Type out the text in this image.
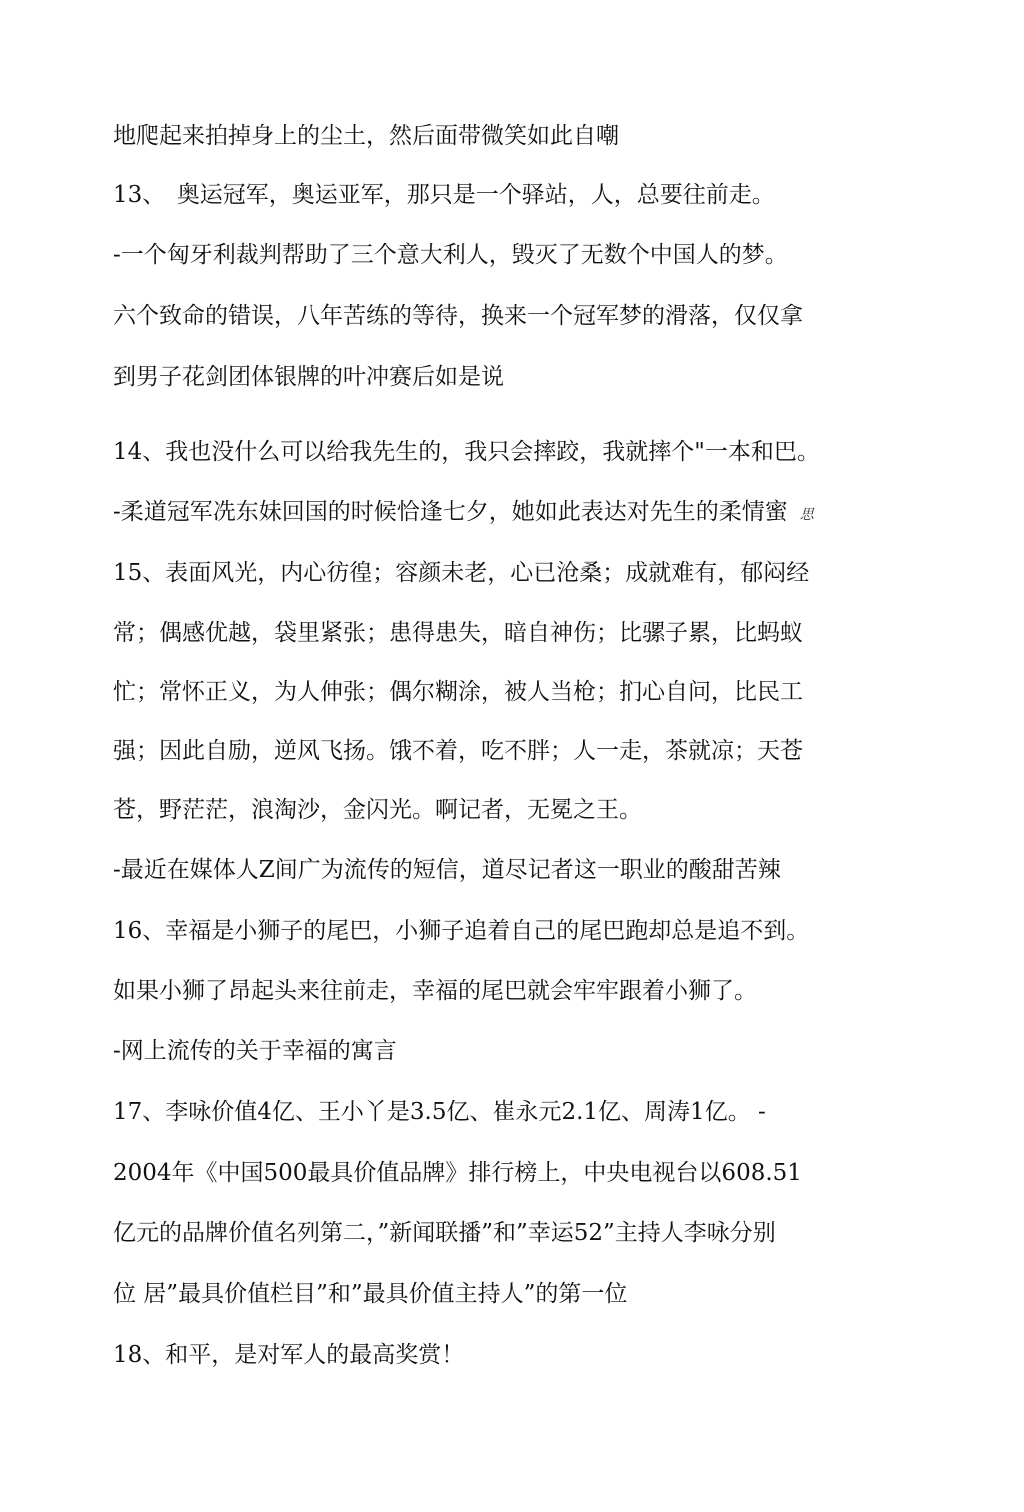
地爬起来拍掉身上的尘土，然后面带微笑如此自嘲
13、　奥运冠军，奥运亚军，那只是一个驿站，人，总要往前走。
-一个匈牙利裁判帮助了三个意大利人，毁灭了无数个中国人的梦。
六个致命的错误，八年苦练的等待，换来一个冠军梦的滑落，仅仅拿
到男子花剑团体银牌的叶冲赛后如是说
14、我也没什么可以给我先生的，我只会摔跤，我就摔个"一本和巴。
-柔道冠军冼东妹回国的时候恰逢七夕，她如此表达对先生的柔情蜜 思
15、表面风光，内心彷徨；容颜未老，心已沧桑；成就难有，郁闷经
常；偶感优越，袋里紧张；患得患失，暗自神伤；比骡子累，比蚂蚁
忙；常怀正义，为人伸张；偶尔糊涂，被人当枪；扪心自问，比民工
强；因此自励，逆风飞扬。饿不着，吃不胖；人一走，茶就凉；天苍
苍，野茫茫，浪淘沙，金闪光。啊记者，无冕之王。
-最近在媒体人Z间广为流传的短信，道尽记者这一职业的酸甜苦辣
16、幸福是小狮子的尾巴，小狮子追着自己的尾巴跑却总是追不到。
如果小狮了昂起头来往前走，幸福的尾巴就会牢牢跟着小狮了。
-网上流传的关于幸福的寓言
17、李咏价值4亿、王小丫是3.5亿、崔永元2.1亿、周涛1亿。 -
2004年《中国500最具价值品牌》排行榜上，中央电视台以608.51
亿元的品牌价值名列第二，”新闻联播”和”幸运52”主持人李咏分别
位 居”最具价值栏目”和”最具价值主持人”的第一位
18、和平，是对军人的最高奖赏！
